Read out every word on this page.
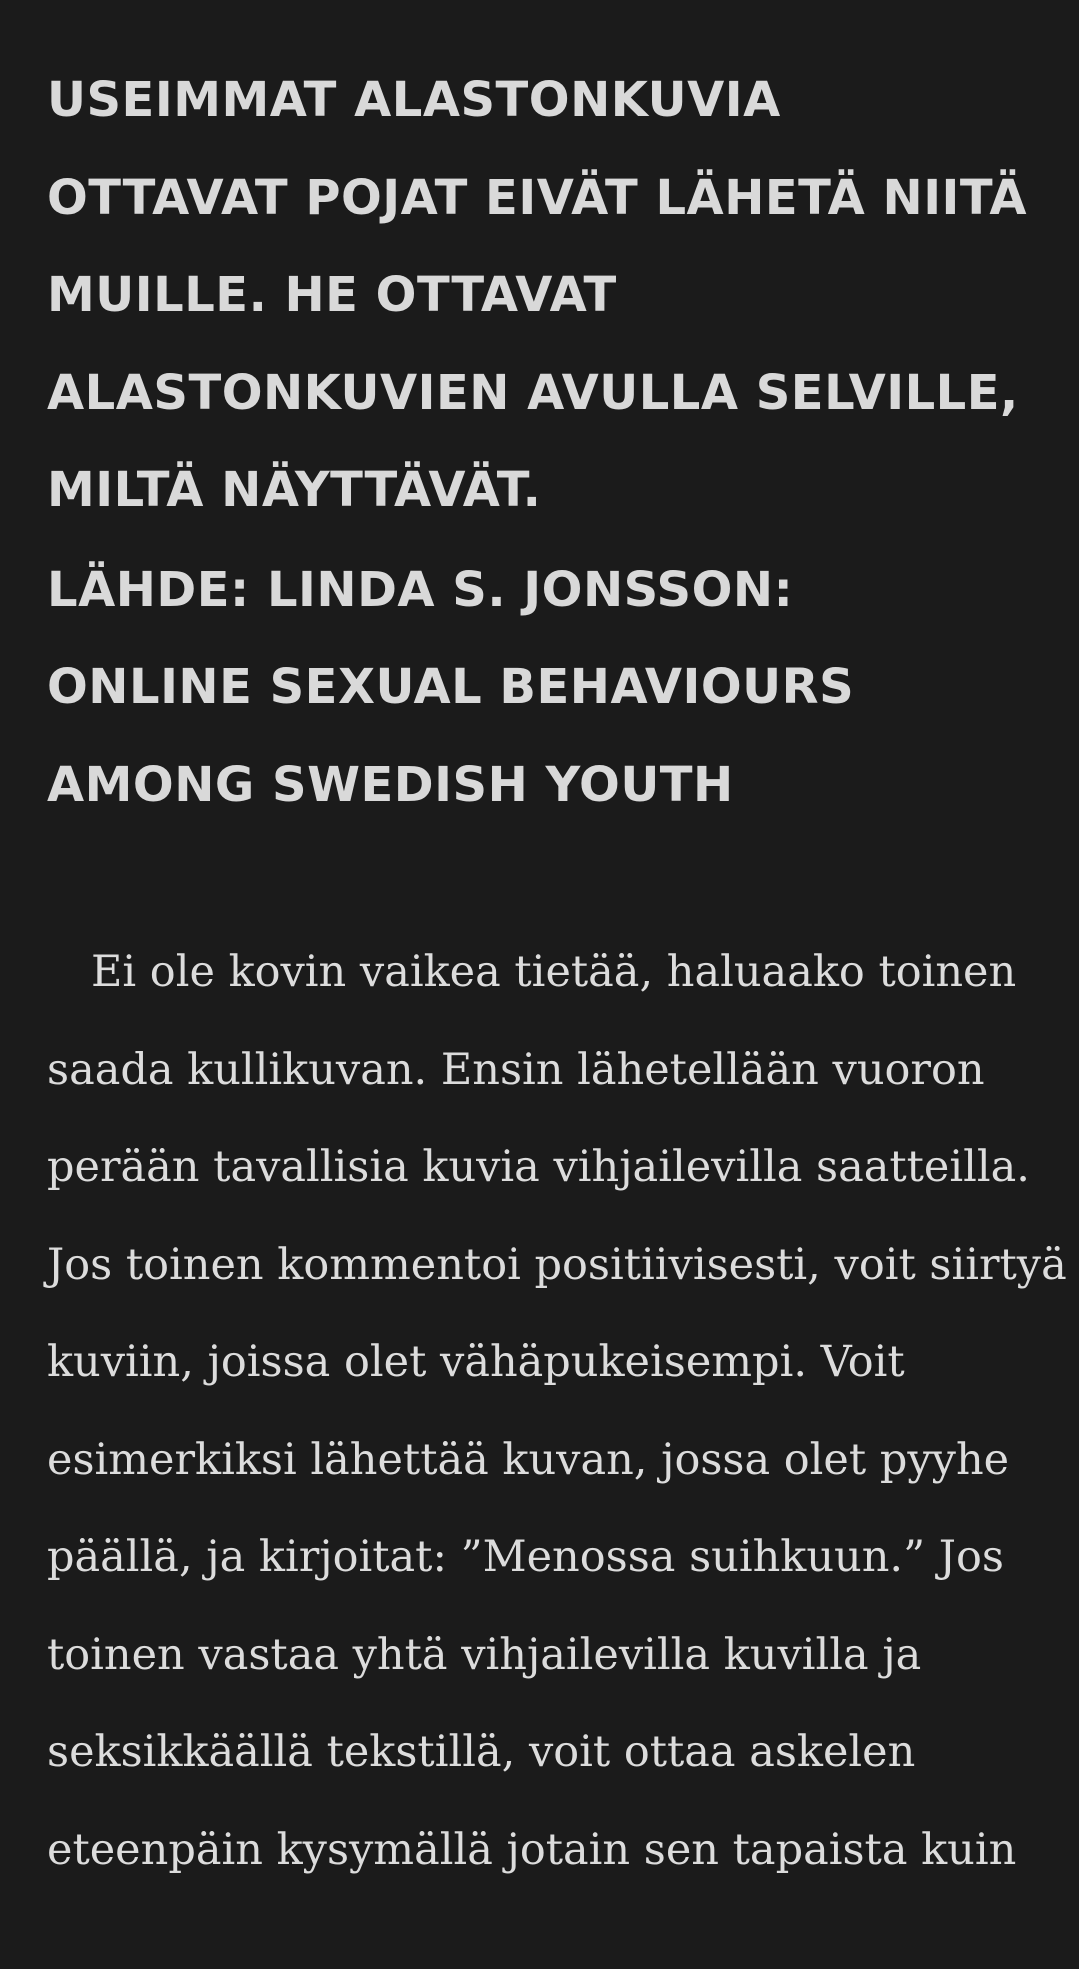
USEIMMAT ALASTONKUVIA
OTTAVAT POJAT EIVÄT LÄHETÄ NIITÄ
MUILLE. HE OTTAVAT
ALASTONKUVIEN AVULLA SELVILLE,
MILTÄ NÄYTTÄVÄT.
LÄHDE: LINDA S. JONSSON:
ONLINE SEXUAL BEHAVIOURS
AMONG SWEDISH YOUTH

Ei ole kovin vaikea tietää, haluaako toinen
saada kullikuvan. Ensin lähetellään vuoron
perään tavallisia kuvia vihjailevilla saatteilla.
Jos toinen kommentoi positiivisesti, voit siirtyä
kuviin, joissa olet vähäpukeisempi. Voit
esimerkiksi lähettää kuvan, jossa olet pyyhe
päällä, ja kirjoitat: ”Menossa suihkuun.” Jos
toinen vastaa yhtä vihjailevilla kuvilla ja
seksikkäällä tekstillä, voit ottaa askelen
eteenpäin kysymällä jotain sen tapaista kuin
